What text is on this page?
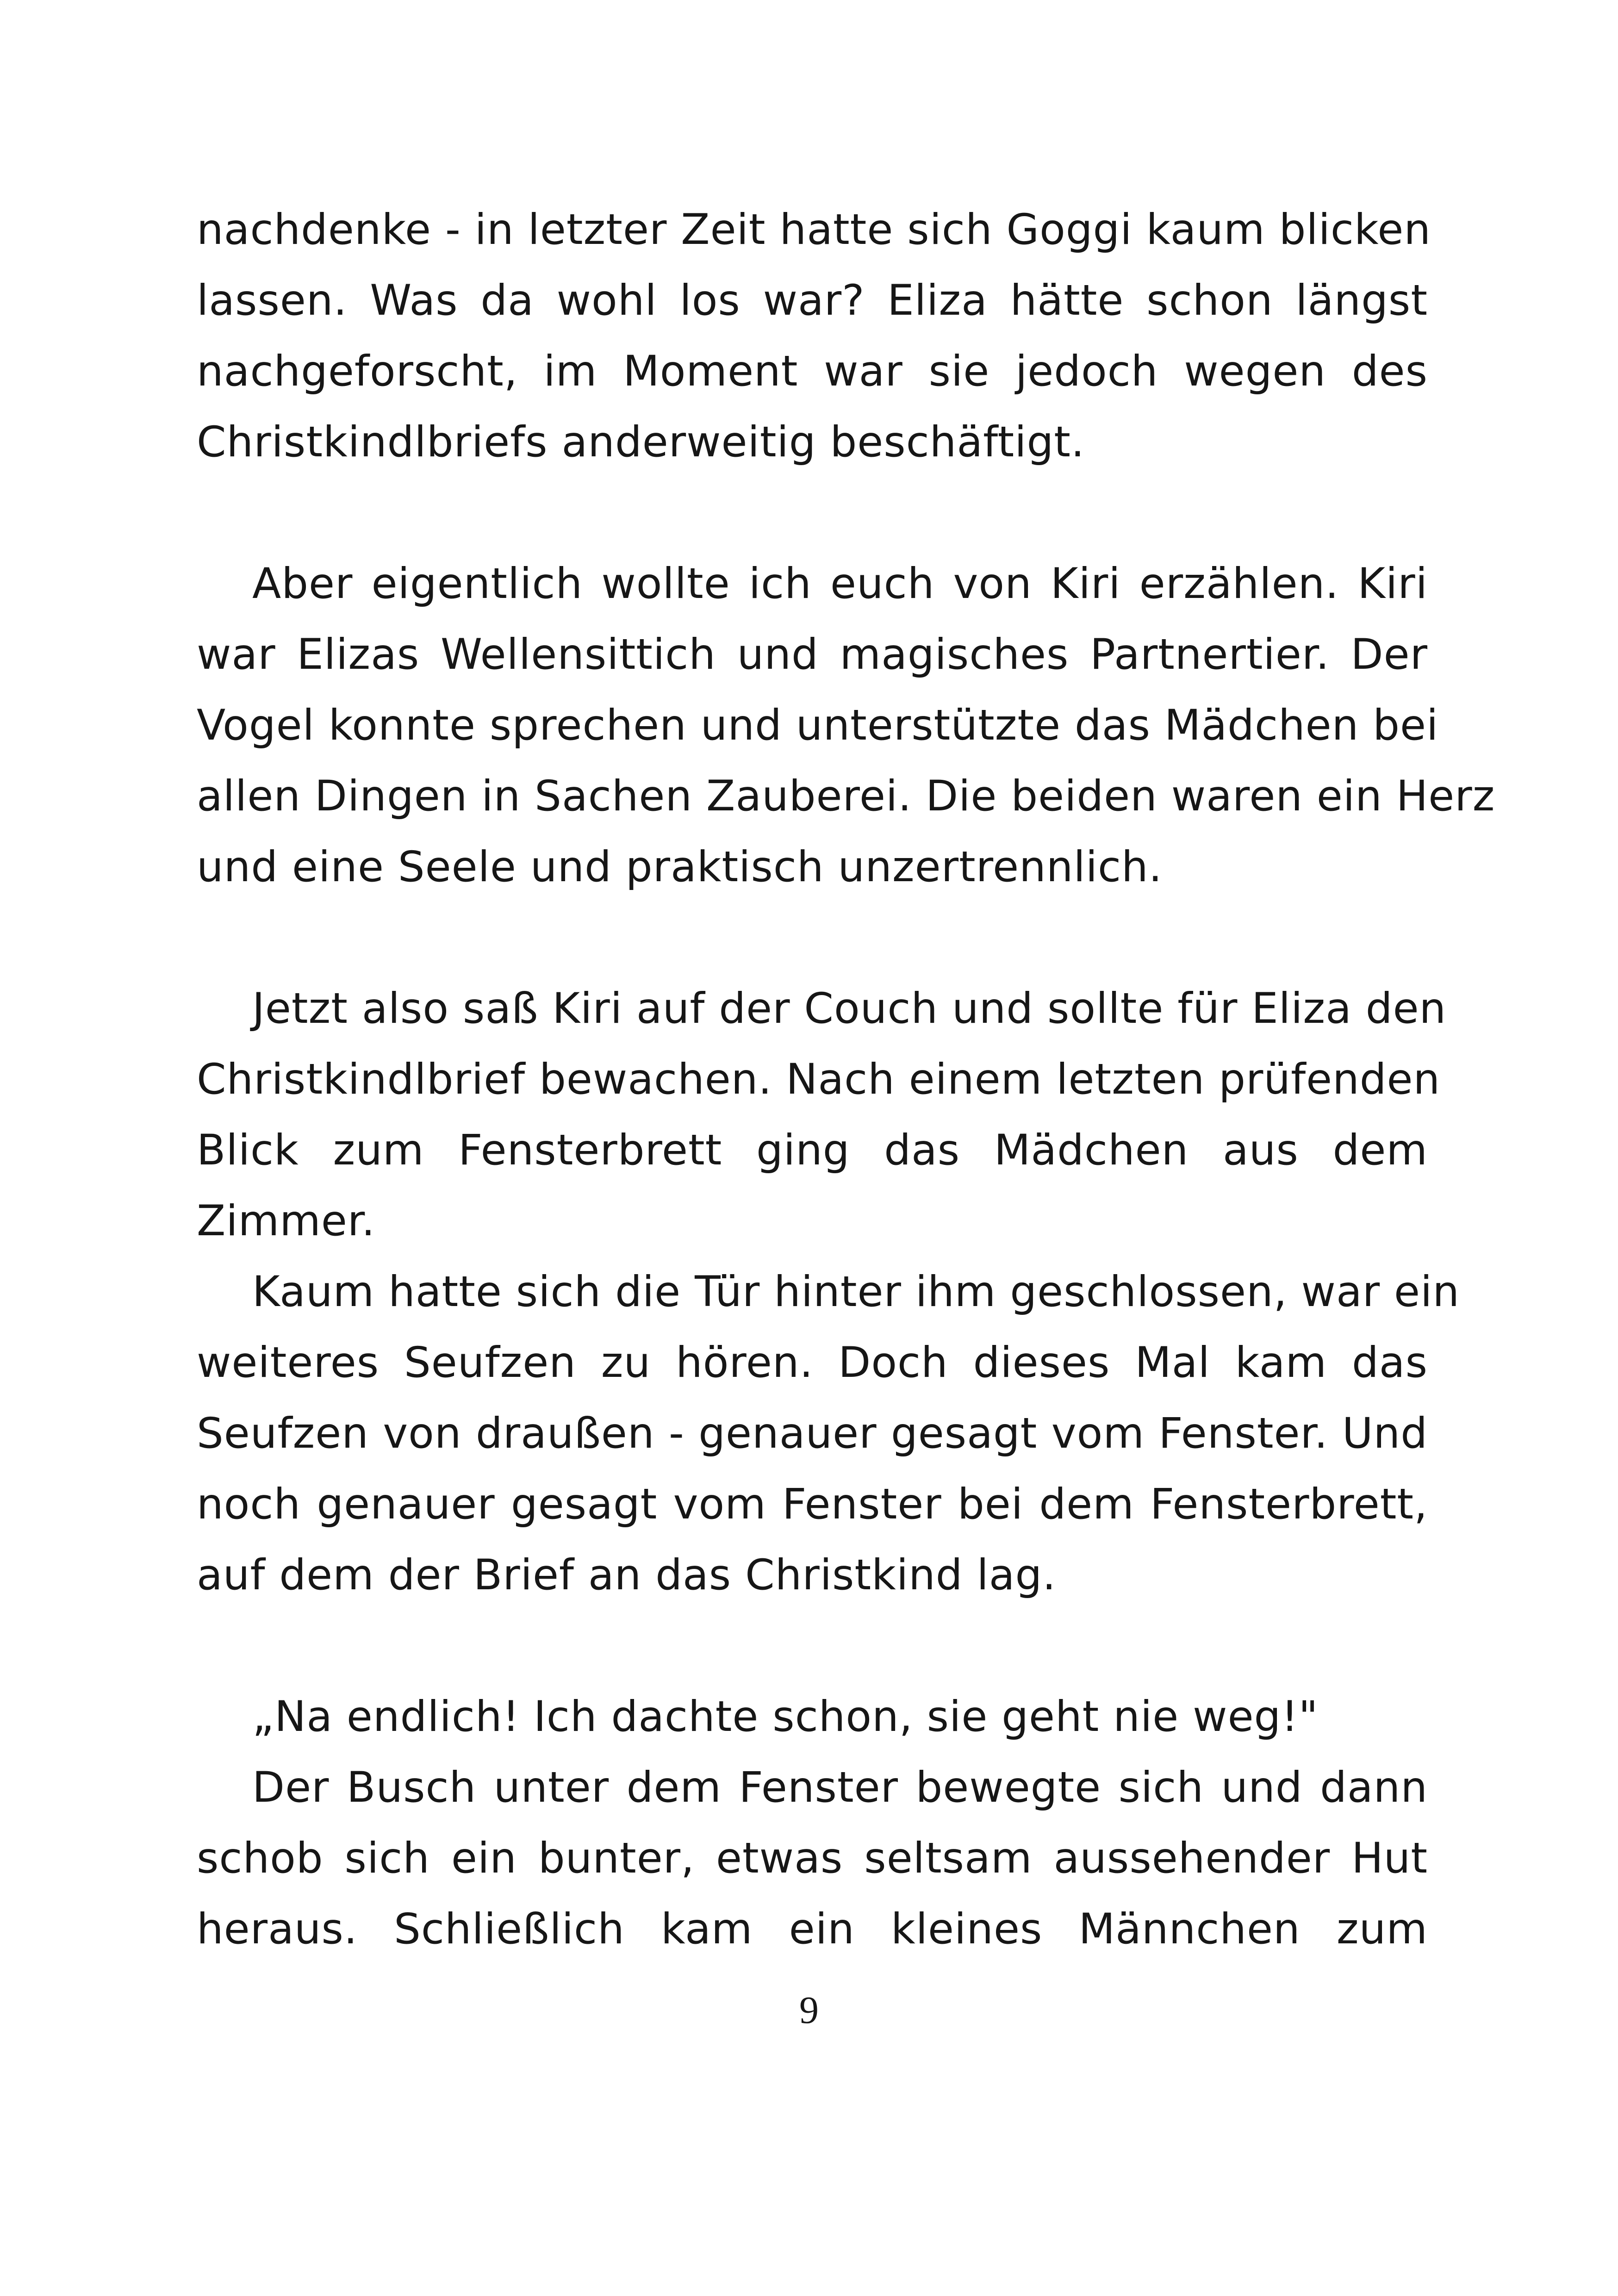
nachdenke - in letzter Zeit hatte sich Goggi kaum blicken
lassen. Was da wohl los war? Eliza hätte schon längst
nachgeforscht, im Moment war sie jedoch wegen des
Christkindlbriefs anderweitig beschäftigt.

Aber eigentlich wollte ich euch von Kiri erzählen. Kiri
war Elizas Wellensittich und magisches Partnertier. Der
Vogel konnte sprechen und unterstützte das Mädchen bei
allen Dingen in Sachen Zauberei. Die beiden waren ein Herz
und eine Seele und praktisch unzertrennlich.

Jetzt also saß Kiri auf der Couch und sollte für Eliza den
Christkindlbrief bewachen. Nach einem letzten prüfenden
Blick zum Fensterbrett ging das Mädchen aus dem
Zimmer.

Kaum hatte sich die Tür hinter ihm geschlossen, war ein
weiteres Seufzen zu hören. Doch dieses Mal kam das
Seufzen von draußen - genauer gesagt vom Fenster. Und
noch genauer gesagt vom Fenster bei dem Fensterbrett,
auf dem der Brief an das Christkind lag.

„Na endlich! Ich dachte schon, sie geht nie weg!"

Der Busch unter dem Fenster bewegte sich und dann
schob sich ein bunter, etwas seltsam aussehender Hut
heraus. Schließlich kam ein kleines Männchen zum

9
